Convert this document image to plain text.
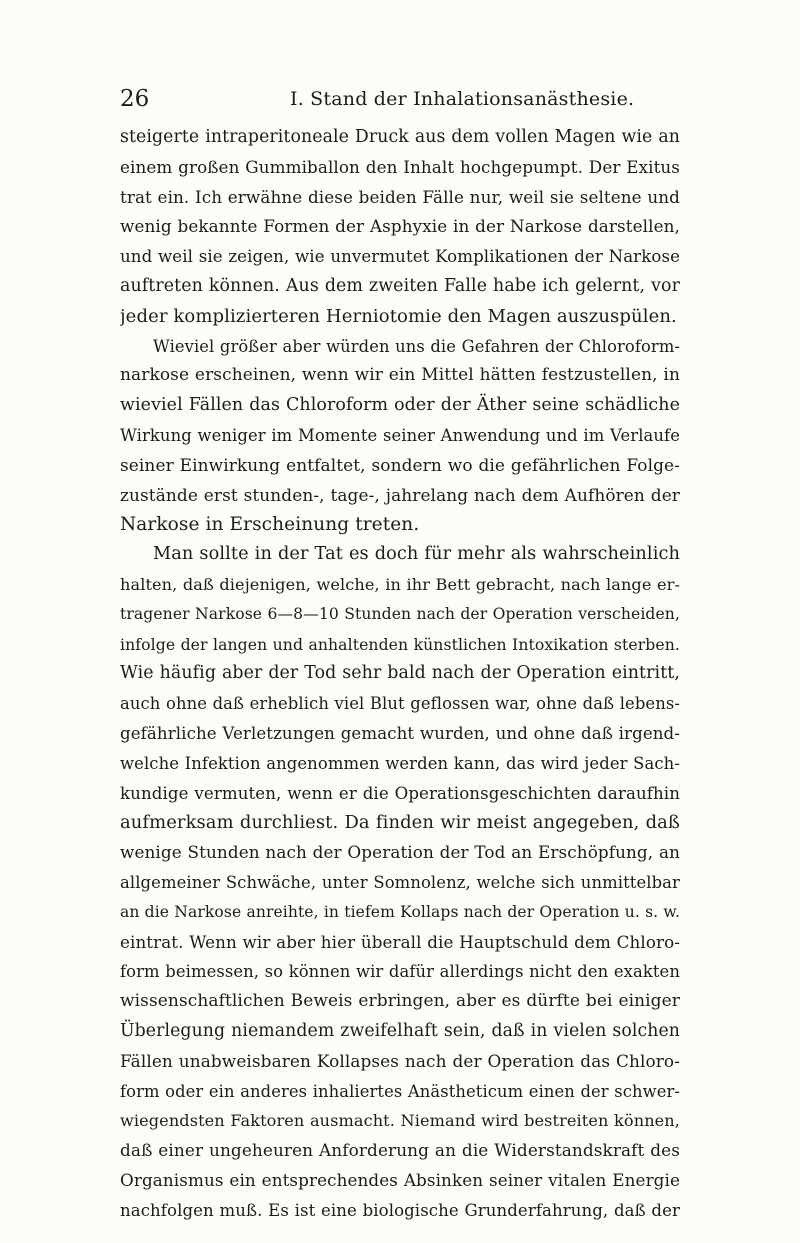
26	I. Stand der Inhalationsanästhesie.
steigerte intraperitoneale Druck aus dem vollen Magen wie an
einem großen Gummiballon den Inhalt hochgepumpt. Der Exitus
trat ein. Ich erwähne diese beiden Fälle nur, weil sie seltene und
wenig bekannte Formen der Asphyxie in der Narkose darstellen,
und weil sie zeigen, wie unvermutet Komplikationen der Narkose
auftreten können. Aus dem zweiten Falle habe ich gelernt, vor
jeder komplizierteren Herniotomie den Magen auszuspülen.
Wieviel größer aber würden uns die Gefahren der Chloroform-
narkose erscheinen, wenn wir ein Mittel hätten festzustellen, in
wieviel Fällen das Chloroform oder der Äther seine schädliche
Wirkung weniger im Momente seiner Anwendung und im Verlaufe
seiner Einwirkung entfaltet, sondern wo die gefährlichen Folge-
zustände erst stunden-, tage-, jahrelang nach dem Aufhören der
Narkose in Erscheinung treten.
Man sollte in der Tat es doch für mehr als wahrscheinlich
halten, daß diejenigen, welche, in ihr Bett gebracht, nach lange er-
tragener Narkose 6—8—10 Stunden nach der Operation verscheiden,
infolge der langen und anhaltenden künstlichen Intoxikation sterben.
Wie häufig aber der Tod sehr bald nach der Operation eintritt,
auch ohne daß erheblich viel Blut geflossen war, ohne daß lebens-
gefährliche Verletzungen gemacht wurden, und ohne daß irgend-
welche Infektion angenommen werden kann, das wird jeder Sach-
kundige vermuten, wenn er die Operationsgeschichten daraufhin
aufmerksam durchliest. Da finden wir meist angegeben, daß
wenige Stunden nach der Operation der Tod an Erschöpfung, an
allgemeiner Schwäche, unter Somnolenz, welche sich unmittelbar
an die Narkose anreihte, in tiefem Kollaps nach der Operation u. s. w.
eintrat. Wenn wir aber hier überall die Hauptschuld dem Chloro-
form beimessen, so können wir dafür allerdings nicht den exakten
wissenschaftlichen Beweis erbringen, aber es dürfte bei einiger
Überlegung niemandem zweifelhaft sein, daß in vielen solchen
Fällen unabweisbaren Kollapses nach der Operation das Chloro-
form oder ein anderes inhaliertes Anästheticum einen der schwer-
wiegendsten Faktoren ausmacht. Niemand wird bestreiten können,
daß einer ungeheuren Anforderung an die Widerstandskraft des
Organismus ein entsprechendes Absinken seiner vitalen Energie
nachfolgen muß. Es ist eine biologische Grunderfahrung, daß der
